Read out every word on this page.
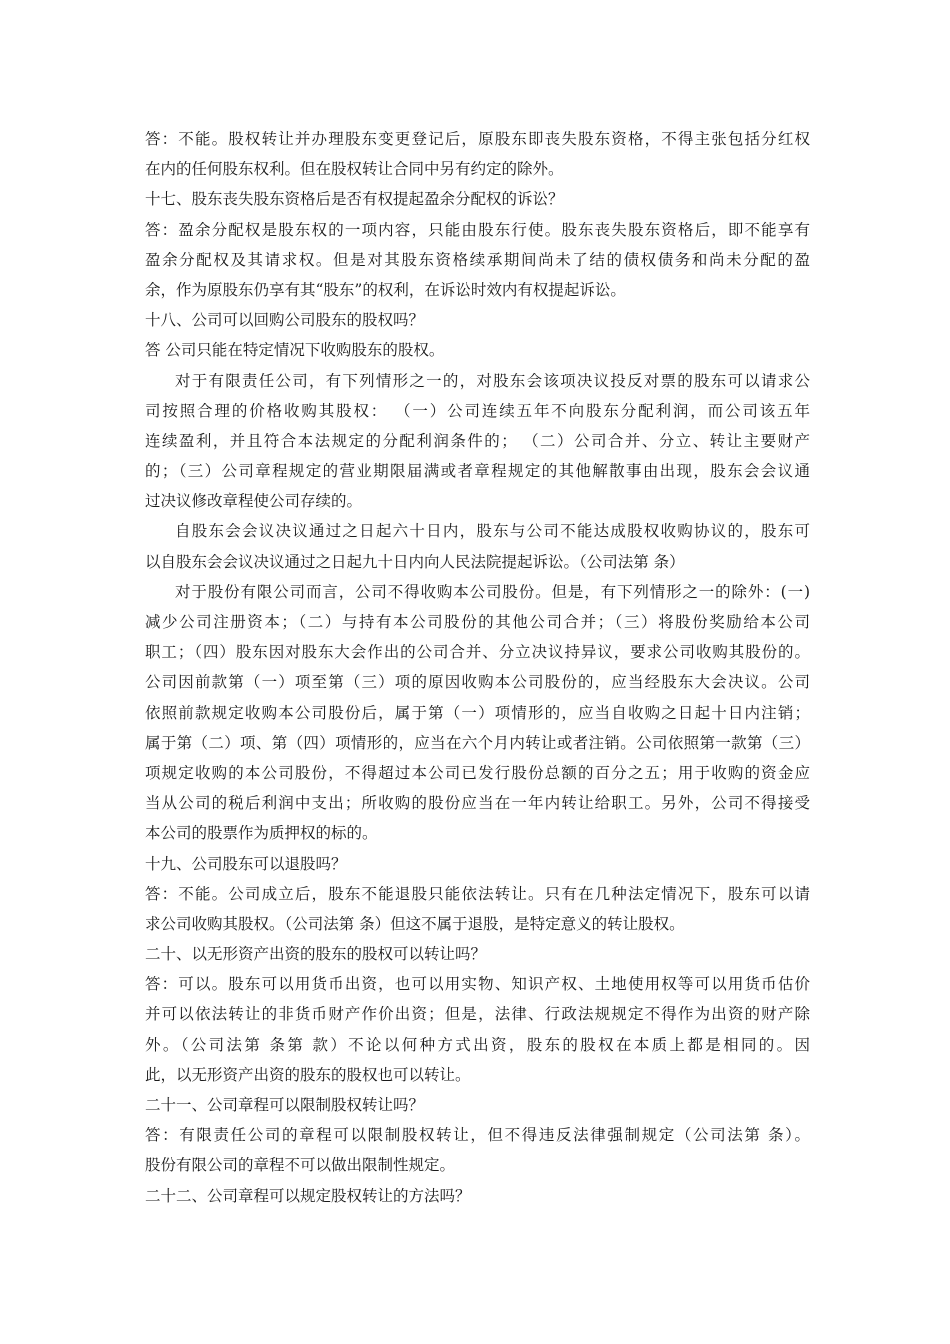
答：不能。股权转让并办理股东变更登记后，原股东即丧失股东资格，不得主张包括分红权
在内的任何股东权利。但在股权转让合同中另有约定的除外。
十七、股东丧失股东资格后是否有权提起盈余分配权的诉讼？
答：盈余分配权是股东权的一项内容，只能由股东行使。股东丧失股东资格后，即不能享有
盈余分配权及其请求权。但是对其股东资格续承期间尚未了结的债权债务和尚未分配的盈
余，作为原股东仍享有其“股东”的权利，在诉讼时效内有权提起诉讼。
十八、公司可以回购公司股东的股权吗？
答 公司只能在特定情况下收购股东的股权。
对于有限责任公司，有下列情形之一的，对股东会该项决议投反对票的股东可以请求公
司按照合理的价格收购其股权： （一）公司连续五年不向股东分配利润，而公司该五年
连续盈利，并且符合本法规定的分配利润条件的； （二）公司合并、分立、转让主要财产
的；（三）公司章程规定的营业期限届满或者章程规定的其他解散事由出现，股东会会议通
过决议修改章程使公司存续的。
自股东会会议决议通过之日起六十日内，股东与公司不能达成股权收购协议的，股东可
以自股东会会议决议通过之日起九十日内向人民法院提起诉讼。（公司法第 条）
对于股份有限公司而言，公司不得收购本公司股份。但是，有下列情形之一的除外：(一)
减少公司注册资本；（二）与持有本公司股份的其他公司合并；（三）将股份奖励给本公司
职工；（四）股东因对股东大会作出的公司合并、分立决议持异议，要求公司收购其股份的。
公司因前款第（一）项至第（三）项的原因收购本公司股份的，应当经股东大会决议。公司
依照前款规定收购本公司股份后，属于第（一）项情形的，应当自收购之日起十日内注销；
属于第（二）项、第（四）项情形的，应当在六个月内转让或者注销。公司依照第一款第（三）
项规定收购的本公司股份，不得超过本公司已发行股份总额的百分之五；用于收购的资金应
当从公司的税后利润中支出；所收购的股份应当在一年内转让给职工。另外，公司不得接受
本公司的股票作为质押权的标的。
十九、公司股东可以退股吗？
答：不能。公司成立后，股东不能退股只能依法转让。只有在几种法定情况下，股东可以请
求公司收购其股权。（公司法第 条）但这不属于退股，是特定意义的转让股权。
二十、以无形资产出资的股东的股权可以转让吗？
答：可以。股东可以用货币出资，也可以用实物、知识产权、土地使用权等可以用货币估价
并可以依法转让的非货币财产作价出资；但是，法律、行政法规规定不得作为出资的财产除
外。（公司法第 条第 款）不论以何种方式出资，股东的股权在本质上都是相同的。因
此，以无形资产出资的股东的股权也可以转让。
二十一、公司章程可以限制股权转让吗？
答：有限责任公司的章程可以限制股权转让，但不得违反法律强制规定（公司法第 条）。
股份有限公司的章程不可以做出限制性规定。
二十二、公司章程可以规定股权转让的方法吗？
